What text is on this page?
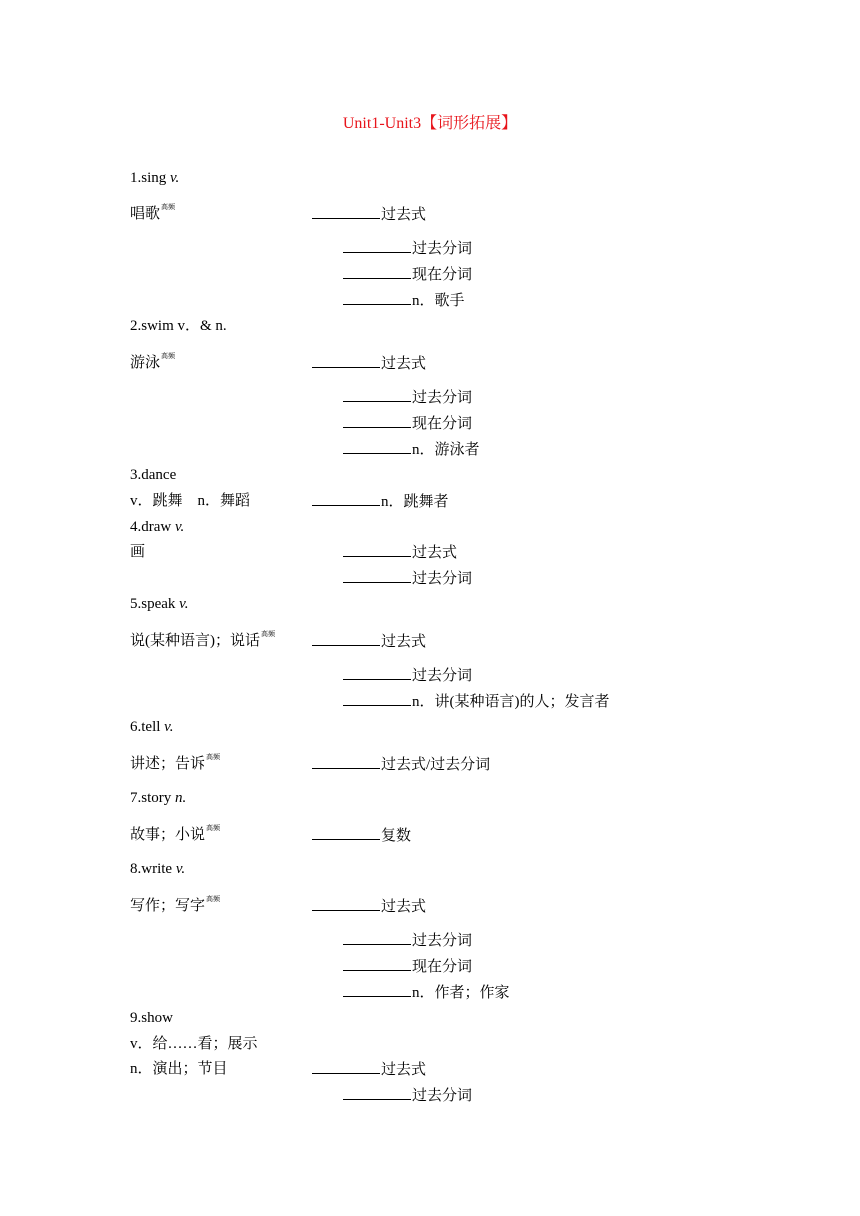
Unit1-Unit3【词形拓展】
1.sing v.
唱歌$^{高频}$	过去式
过去分词
现在分词
n．歌手
2.swim v．& n.
游泳$^{高频}$	过去式
过去分词
现在分词
n．游泳者
3.dance
v．跳舞　n．舞蹈	n．跳舞者
4.draw v.
画	过去式
过去分词
5.speak v.
说(某种语言)；说话$^{高频}$	过去式
过去分词
n．讲(某种语言)的人；发言者
6.tell v.
讲述；告诉$^{高频}$	过去式/过去分词
7.story n.
故事；小说$^{高频}$	复数
8.write v.
写作；写字$^{高频}$	过去式
过去分词
现在分词
n．作者；作家
9.show
v．给……看；展示
n．演出；节目	过去式
过去分词
